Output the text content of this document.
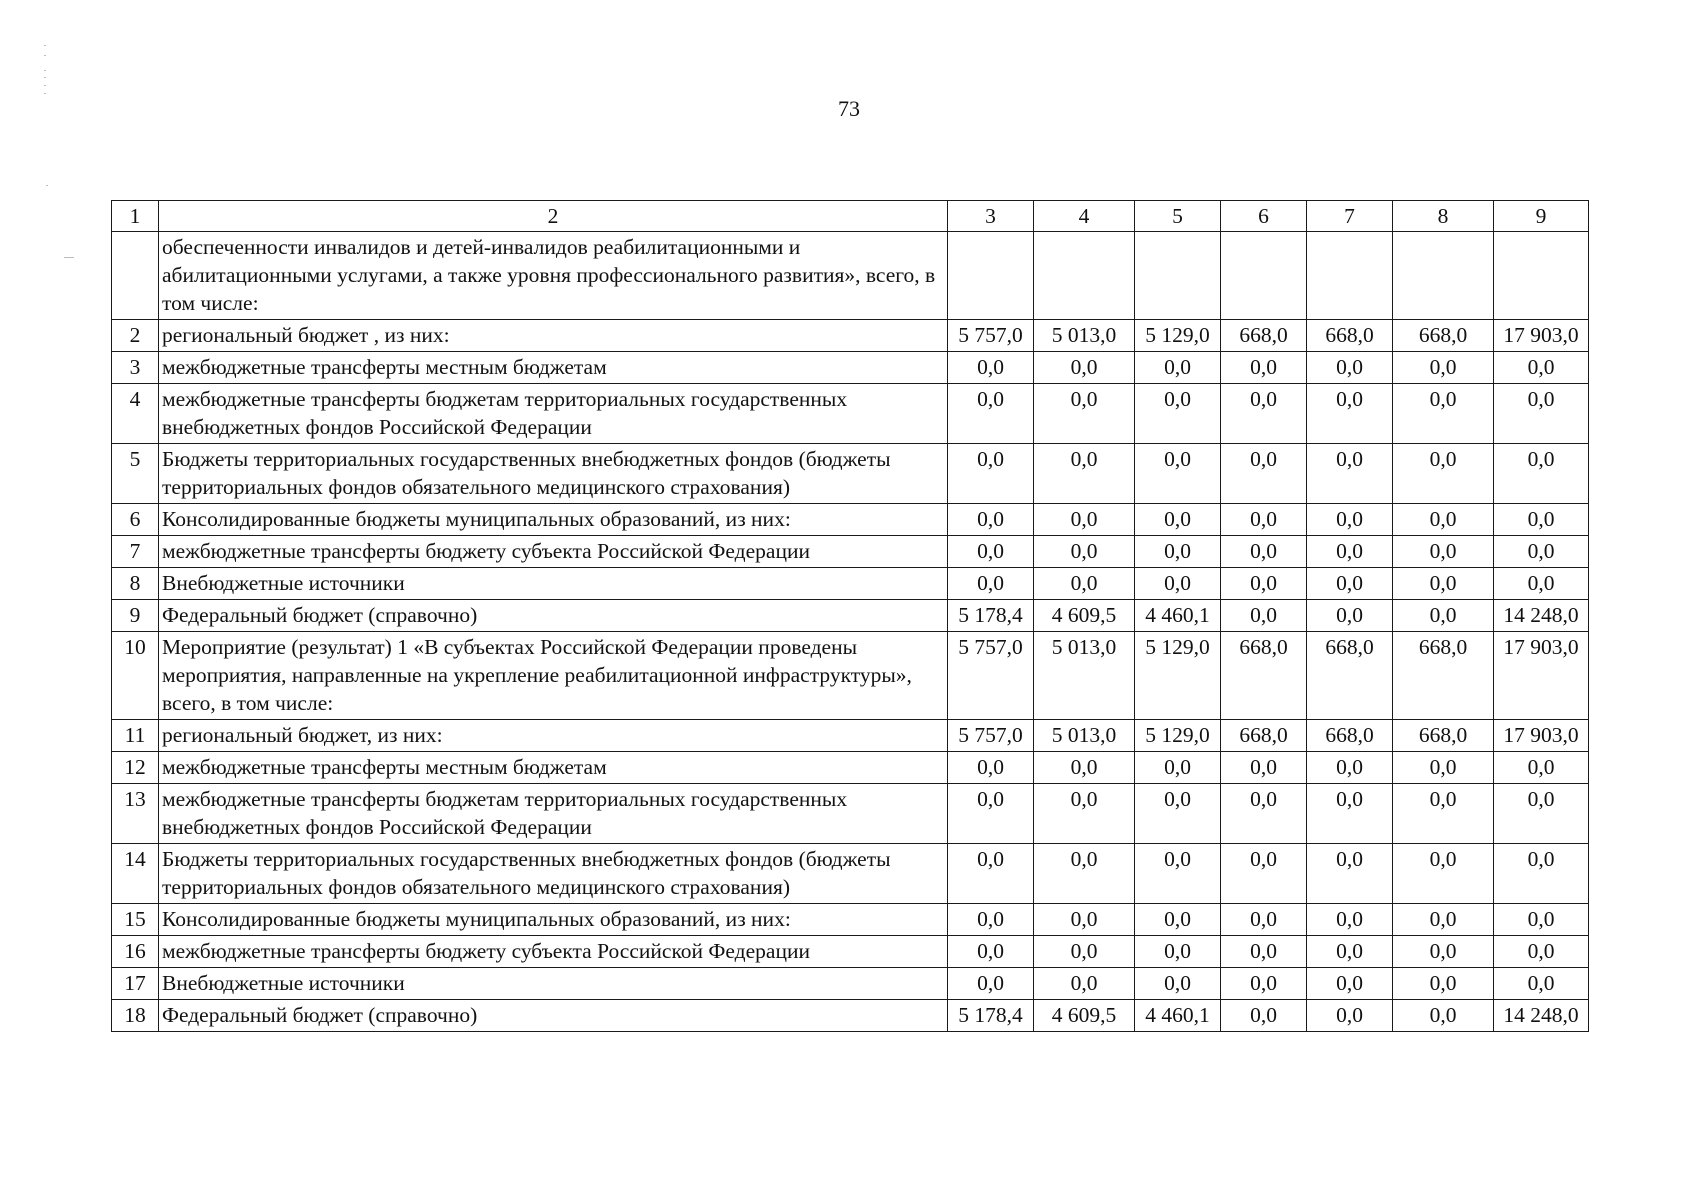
73
1	2	3	4	5	6	7	8	9
	обеспеченности инвалидов и детей-инвалидов реабилитационными и абилитационными услугами, а также уровня профессионального развития», всего, в том числе:							
2	региональный бюджет , из них:	5 757,0	5 013,0	5 129,0	668,0	668,0	668,0	17 903,0
3	межбюджетные трансферты местным бюджетам	0,0	0,0	0,0	0,0	0,0	0,0	0,0
4	межбюджетные трансферты бюджетам территориальных государственных внебюджетных фондов Российской Федерации	0,0	0,0	0,0	0,0	0,0	0,0	0,0
5	Бюджеты территориальных государственных внебюджетных фондов (бюджеты территориальных фондов обязательного медицинского страхования)	0,0	0,0	0,0	0,0	0,0	0,0	0,0
6	Консолидированные бюджеты муниципальных образований, из них:	0,0	0,0	0,0	0,0	0,0	0,0	0,0
7	межбюджетные трансферты бюджету субъекта Российской Федерации	0,0	0,0	0,0	0,0	0,0	0,0	0,0
8	Внебюджетные источники	0,0	0,0	0,0	0,0	0,0	0,0	0,0
9	Федеральный бюджет (справочно)	5 178,4	4 609,5	4 460,1	0,0	0,0	0,0	14 248,0
10	Мероприятие (результат) 1 «В субъектах Российской Федерации проведены мероприятия, направленные на укрепление реабилитационной инфраструктуры», всего, в том числе:	5 757,0	5 013,0	5 129,0	668,0	668,0	668,0	17 903,0
11	региональный бюджет, из них:	5 757,0	5 013,0	5 129,0	668,0	668,0	668,0	17 903,0
12	межбюджетные трансферты местным бюджетам	0,0	0,0	0,0	0,0	0,0	0,0	0,0
13	межбюджетные трансферты бюджетам территориальных государственных внебюджетных фондов Российской Федерации	0,0	0,0	0,0	0,0	0,0	0,0	0,0
14	Бюджеты территориальных государственных внебюджетных фондов (бюджеты территориальных фондов обязательного медицинского страхования)	0,0	0,0	0,0	0,0	0,0	0,0	0,0
15	Консолидированные бюджеты муниципальных образований, из них:	0,0	0,0	0,0	0,0	0,0	0,0	0,0
16	межбюджетные трансферты бюджету субъекта Российской Федерации	0,0	0,0	0,0	0,0	0,0	0,0	0,0
17	Внебюджетные источники	0,0	0,0	0,0	0,0	0,0	0,0	0,0
18	Федеральный бюджет (справочно)	5 178,4	4 609,5	4 460,1	0,0	0,0	0,0	14 248,0
